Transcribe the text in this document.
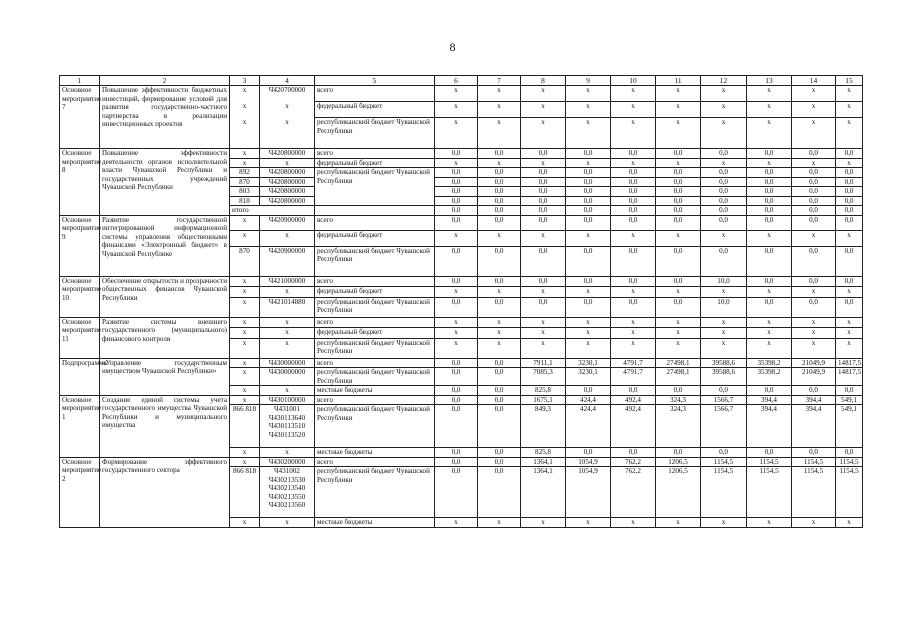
8
1	2	3	4	5	6	7	8	9	10	11	12	13	14	15
Основное мероприятие 7	Повышение эффективности бюджетных инвестиций, формирование условий для развития государственно-частного партнерства в реализации инвестиционных проектов	x	Ч420700000	всего	x	x	x	x	x	x	x	x	x	x
		x	x	федеральный бюджет	x	x	x	x	x	x	x	x	x	x
		x	x	республиканский бюджет Чувашской Республики	x	x	x	x	x	x	x	x	x	x
Основное мероприятие 8	Повышение эффективности деятельности органов исполнительной власти Чувашской Республики и государственных учреждений Чувашской Республики	x	Ч420800000	всего	0,0	0,0	0,0	0,0	0,0	0,0	0,0	0,0	0,0	0,0
		x	x	федеральный бюджет	x	x	x	x	x	x	x	x	x	x
		892	Ч420800000	республиканский бюджет Чувашской Республики	0,0	0,0	0,0	0,0	0,0	0,0	0,0	0,0	0,0	0,0
		870	Ч420800000		0,0	0,0	0,0	0,0	0,0	0,0	0,0	0,0	0,0	0,0
		803	Ч420800000		0,0	0,0	0,0	0,0	0,0	0,0	0,0	0,0	0,0	0,0
		818	Ч420800000		0,0	0,0	0,0	0,0	0,0	0,0	0,0	0,0	0,0	0,0
		итого			0,0	0,0	0,0	0,0	0,0	0,0	0,0	0,0	0,0	0,0
Основное мероприятие 9	Развитие государственной интегрированной информационной системы управления общественными финансами «Электронный бюджет» в Чувашской Республике	x	Ч420900000	всего	0,0	0,0	0,0	0,0	0,0	0,0	0,0	0,0	0,0	0,0
		x	x	федеральный бюджет	x	x	x	x	x	x	x	x	x	x
		870	Ч420900000	республиканский бюджет Чувашской Республики	0,0	0,0	0,0	0,0	0,0	0,0	0,0	0,0	0,0	0,0
Основное мероприятие 10	Обеспечение открытости и прозрачности общественных финансов Чувашской Республики	x	Ч421000000	всего	0,0	0,0	0,0	0,0	0,0	0,0	10,0	0,0	0,0	0,0
		x	x	федеральный бюджет	x	x	x	x	x	x	x	x	x	x
		x	Ч421014880	республиканский бюджет Чувашской Республики	0,0	0,0	0,0	0,0	0,0	0,0	10,0	0,0	0,0	0,0
Основное мероприятие 11	Развитие системы внешнего государственного (муниципального) финансового контроля	x	x	всего	x	x	x	x	x	x	x	x	x	x
		x	x	федеральный бюджет	x	x	x	x	x	x	x	x	x	x
		x	x	республиканский бюджет Чувашской Республики	x	x	x	x	x	x	x	x	x	x
Подпрограмма	«Управление государственным имуществом Чувашской Республики»	x	Ч430000000	всего	0,0	0,0	7911,1	3230,1	4791,7	27498,1	39588,6	35398,2	21049,9	14817,5
		x	Ч430000000	республиканский бюджет Чувашской Республики	0,0	0,0	7085,3	3230,1	4791,7	27498,1	39588,6	35398,2	21049,9	14817,5
		x	x	местные бюджеты	0,0	0,0	825,8	0,0	0,0	0,0	0,0	0,0	0,0	0,0
Основное мероприятие 1	Создание единой системы учета государственного имущества Чувашской Республики и муниципального имущества	x	Ч430100000	всего	0,0	0,0	1675,1	424,4	492,4	324,3	1566,7	394,4	394,4	549,1
		866 818	Ч431001 Ч430113640 Ч430113510 Ч430113520	республиканский бюджет Чувашской Республики	0,0	0,0	849,3	424,4	492,4	324,3	1566,7	394,4	394,4	549,1
		x	x	местные бюджеты	0,0	0,0	825,8	0,0	0,0	0,0	0,0	0,0	0,0	0,0
Основное мероприятие 2	Формирование эффективного государственного сектора	x	Ч430200000	всего	0,0	0,0	1364,1	1054,9	762,2	1206,5	1154,5	1154,5	1154,5	1154,5
		866 818	Ч431002 Ч430213530 Ч430213540 Ч430213550 Ч430213560	республиканский бюджет Чувашской Республики	0,0	0,0	1364,1	1054,9	762,2	1206,5	1154,5	1154,5	1154,5	1154,5
		x	x	местные бюджеты	x	x	x	x	x	x	x	x	x	x
